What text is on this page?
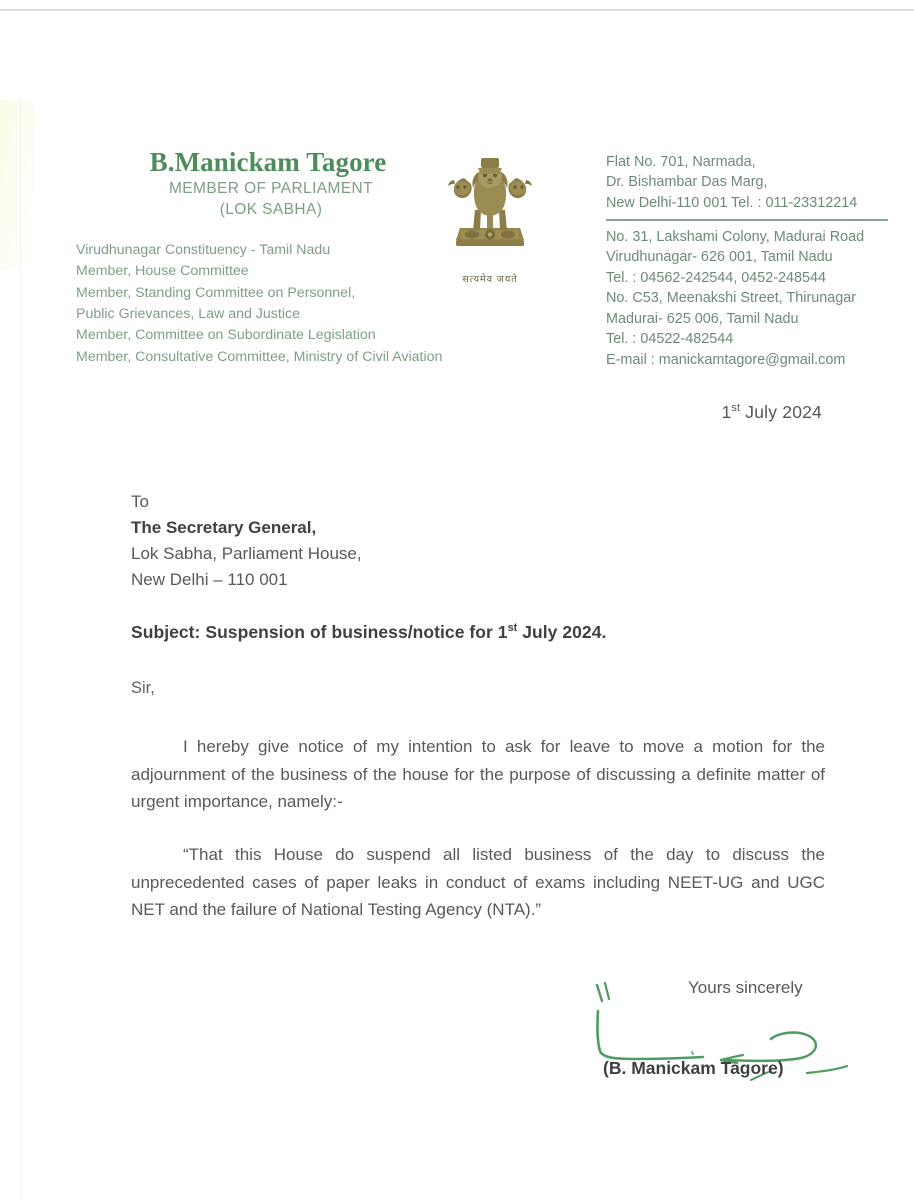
B.Manickam Tagore
MEMBER OF PARLIAMENT
(LOK SABHA)
Virudhunagar Constituency - Tamil Nadu
Member, House Committee
Member, Standing Committee on Personnel,
Public Grievances, Law and Justice
Member, Committee on Subordinate Legislation
Member, Consultative Committee, Ministry of Civil Aviation
सत्यमेव जयते
Flat No. 701, Narmada,
Dr. Bishambar Das Marg,
New Delhi-110 001 Tel. : 011-23312214
No. 31, Lakshami Colony, Madurai Road
Virudhunagar- 626 001, Tamil Nadu
Tel. : 04562-242544, 0452-248544
No. C53, Meenakshi Street, Thirunagar
Madurai- 625 006, Tamil Nadu
Tel. : 04522-482544
E-mail : manickamtagore@gmail.com
1st July 2024
To
The Secretary General,
Lok Sabha, Parliament House,
New Delhi – 110 001
Subject: Suspension of business/notice for 1st July 2024.
Sir,
I hereby give notice of my intention to ask for leave to move a motion for the adjournment of the business of the house for the purpose of discussing a definite matter of urgent importance, namely:-
“That this House do suspend all listed business of the day to discuss the unprecedented cases of paper leaks in conduct of exams including NEET-UG and UGC NET and the failure of National Testing Agency (NTA).”
Yours sincerely
(B. Manickam Tagore)
